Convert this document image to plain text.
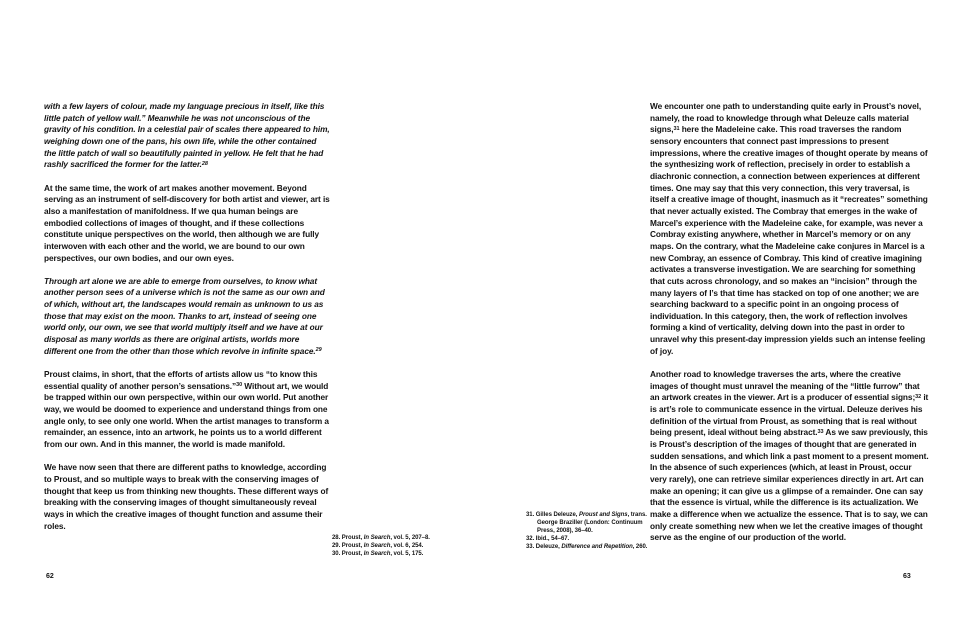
with a few layers of colour, made my language precious in itself, like this little patch of yellow wall.” Meanwhile he was not unconscious of the gravity of his condition. In a celestial pair of scales there appeared to him, weighing down one of the pans, his own life, while the other contained the little patch of wall so beautifully painted in yellow. He felt that he had rashly sacrificed the former for the latter.$^{28}$

At the same time, the work of art makes another movement. Beyond serving as an instrument of self-discovery for both artist and viewer, art is also a manifestation of manifoldness. If we qua human beings are embodied collections of images of thought, and if these collections constitute unique perspectives on the world, then although we are fully interwoven with each other and the world, we are bound to our own perspectives, our own bodies, and our own eyes.

Through art alone we are able to emerge from ourselves, to know what another person sees of a universe which is not the same as our own and of which, without art, the landscapes would remain as unknown to us as those that may exist on the moon. Thanks to art, instead of seeing one world only, our own, we see that world multiply itself and we have at our disposal as many worlds as there are original artists, worlds more different one from the other than those which revolve in infinite space.$^{29}$

Proust claims, in short, that the efforts of artists allow us “to know this essential quality of another person’s sensations.”$^{30}$ Without art, we would be trapped within our own perspective, within our own world. Put another way, we would be doomed to experience and understand things from one angle only, to see only one world. When the artist manages to transform a remainder, an essence, into an artwork, he points us to a world different from our own. And in this manner, the world is made manifold.

We have now seen that there are different paths to knowledge, according to Proust, and so multiple ways to break with the conserving images of thought that keep us from thinking new thoughts. These different ways of breaking with the conserving images of thought simultaneously reveal ways in which the creative images of thought function and assume their roles.

28. Proust, In Search, vol. 5, 207–8.

29. Proust, In Search, vol. 6, 254.

30. Proust, In Search, vol. 5, 175.

31. Gilles Deleuze, Proust and Signs, trans. George Braziller (London: Continuum Press, 2008), 36–40.

32. Ibid., 54–67.

33. Deleuze, Difference and Repetition, 260.

We encounter one path to understanding quite early in Proust’s novel, namely, the road to knowledge through what Deleuze calls material signs,$^{31}$ here the Madeleine cake. This road traverses the random sensory encounters that connect past impressions to present impressions, where the creative images of thought operate by means of the synthesizing work of reflection, precisely in order to establish a diachronic connection, a connection between experiences at different times. One may say that this very connection, this very traversal, is itself a creative image of thought, inasmuch as it “recreates” something that never actually existed. The Combray that emerges in the wake of Marcel’s experience with the Madeleine cake, for example, was never a Combray existing anywhere, whether in Marcel’s memory or on any maps. On the contrary, what the Madeleine cake conjures in Marcel is a new Combray, an essence of Combray. This kind of creative imagining activates a transverse investigation. We are searching for something that cuts across chronology, and so makes an “incision” through the many layers of I’s that time has stacked on top of one another; we are searching backward to a specific point in an ongoing process of individuation. In this category, then, the work of reflection involves forming a kind of verticality, delving down into the past in order to unravel why this present-day impression yields such an intense feeling of joy.

Another road to knowledge traverses the arts, where the creative images of thought must unravel the meaning of the “little furrow” that an artwork creates in the viewer. Art is a producer of essential signs;$^{32}$ it is art’s role to communicate essence in the virtual. Deleuze derives his definition of the virtual from Proust, as something that is real without being present, ideal without being abstract.$^{33}$ As we saw previously, this is Proust’s description of the images of thought that are generated in sudden sensations, and which link a past moment to a present moment. In the absence of such experiences (which, at least in Proust, occur very rarely), one can retrieve similar experiences directly in art. Art can make an opening; it can give us a glimpse of a remainder. One can say that the essence is virtual, while the difference is its actualization. We make a difference when we actualize the essence. That is to say, we can only create something new when we let the creative images of thought serve as the engine of our production of the world.

62	63
